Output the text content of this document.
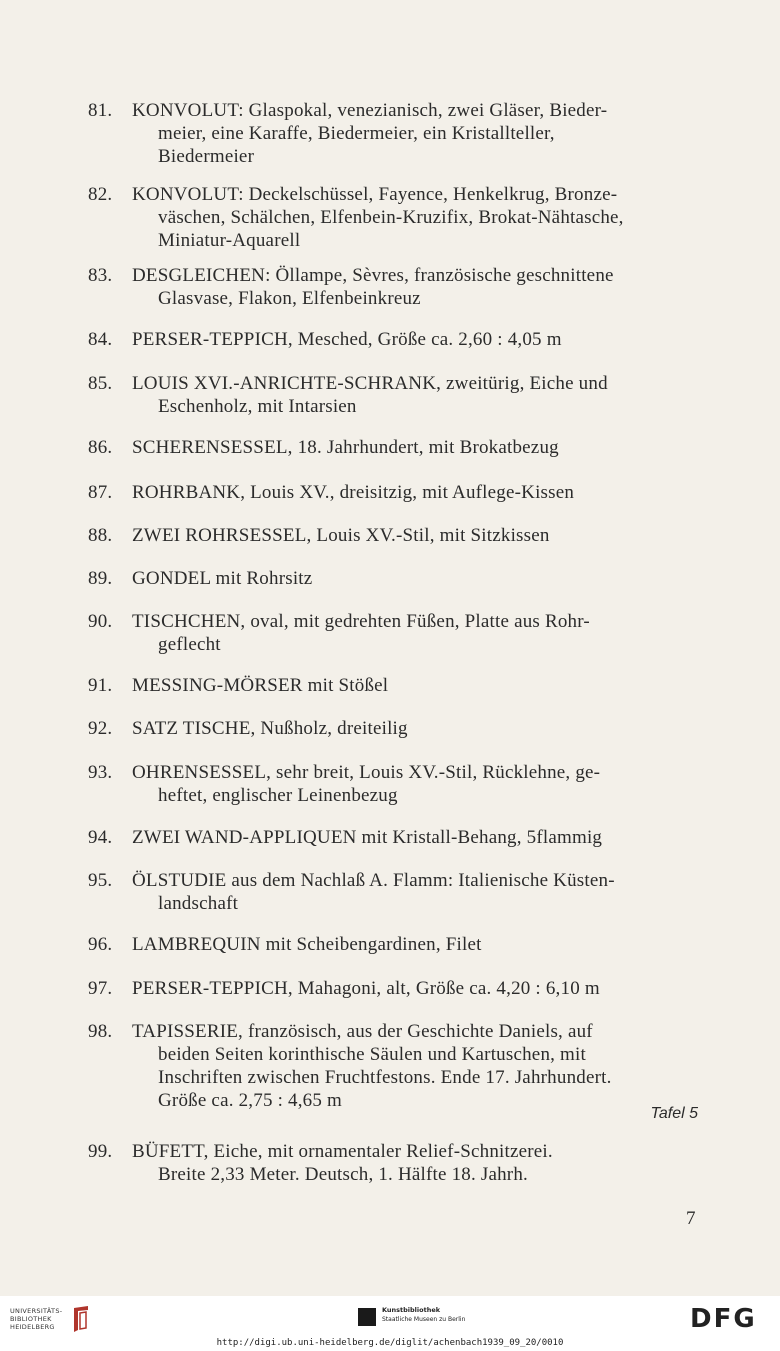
81.	KONVOLUT: Glaspokal, venezianisch, zwei Gläser, Bieder-
meier, eine Karaffe, Biedermeier, ein Kristallteller,
Biedermeier
82.	KONVOLUT: Deckelschüssel, Fayence, Henkelkrug, Bronze-
väschen, Schälchen, Elfenbein-Kruzifix, Brokat-Nähtasche,
Miniatur-Aquarell
83.	DESGLEICHEN: Öllampe, Sèvres, französische geschnittene
Glasvase, Flakon, Elfenbeinkreuz
84.	PERSER-TEPPICH, Mesched, Größe ca. 2,60 : 4,05 m
85.	LOUIS XVI.-ANRICHTE-SCHRANK, zweitürig, Eiche und
Eschenholz, mit Intarsien
86.	SCHERENSESSEL, 18. Jahrhundert, mit Brokatbezug
87.	ROHRBANK, Louis XV., dreisitzig, mit Auflege-Kissen
88.	ZWEI ROHRSESSEL, Louis XV.-Stil, mit Sitzkissen
89.	GONDEL mit Rohrsitz
90.	TISCHCHEN, oval, mit gedrehten Füßen, Platte aus Rohr-
geflecht
91.	MESSING-MÖRSER mit Stößel
92.	SATZ TISCHE, Nußholz, dreiteilig
93.	OHRENSESSEL, sehr breit, Louis XV.-Stil, Rücklehne, ge-
heftet, englischer Leinenbezug
94.	ZWEI WAND-APPLIQUEN mit Kristall-Behang, 5flammig
95.	ÖLSTUDIE aus dem Nachlaß A. Flamm: Italienische Küsten-
landschaft
96.	LAMBREQUIN mit Scheibengardinen, Filet
97.	PERSER-TEPPICH, Mahagoni, alt, Größe ca. 4,20 : 6,10 m
98.	TAPISSERIE, französisch, aus der Geschichte Daniels, auf
beiden Seiten korinthische Säulen und Kartuschen, mit
Inschriften zwischen Fruchtfestons. Ende 17. Jahrhundert.
Größe ca. 2,75 : 4,65 m
99.	BÜFETT, Eiche, mit ornamentaler Relief-Schnitzerei.
Breite 2,33 Meter. Deutsch, 1. Hälfte 18. Jahrh.
Tafel 5
7
UNIVERSITÄTS-
BIBLIOTHEK
HEIDELBERG
Kunstbibliothek
Staatliche Museen zu Berlin	DFG
http://digi.ub.uni-heidelberg.de/diglit/achenbach1939_09_20/0010
